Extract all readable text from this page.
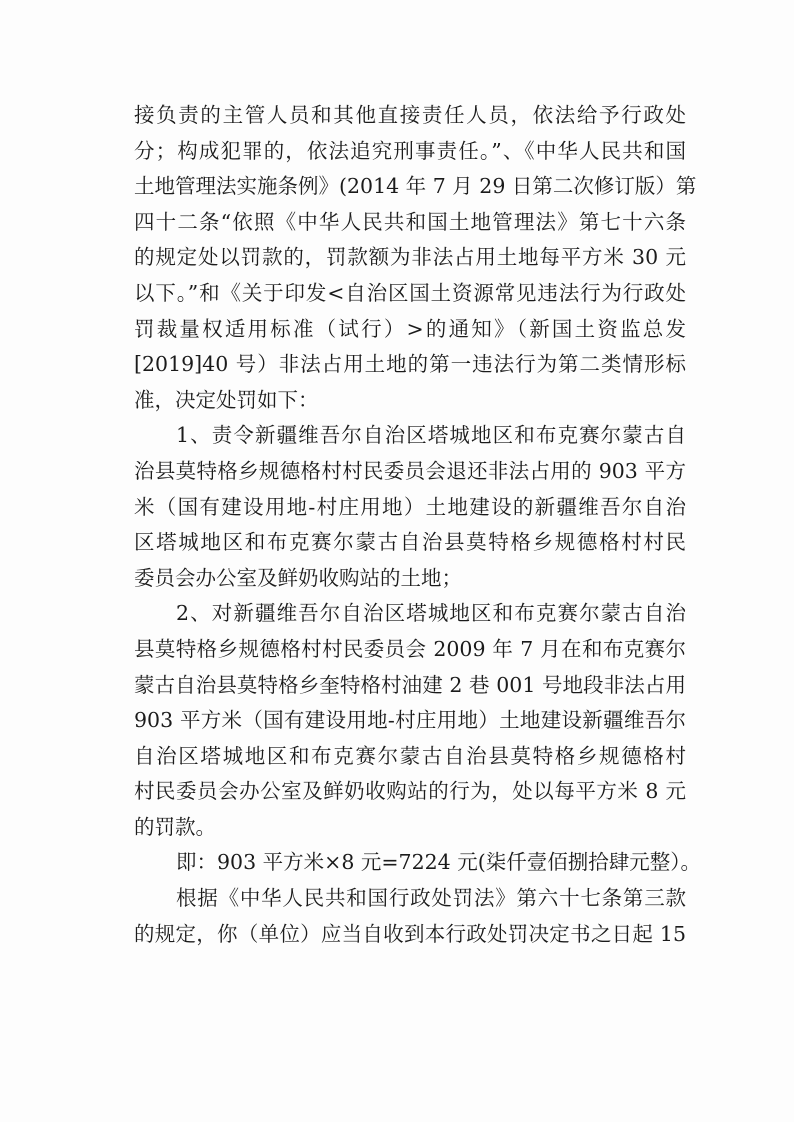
接负责的主管人员和其他直接责任人员，依法给予行政处
分；构成犯罪的，依法追究刑事责任。”、《中华人民共和国
土地管理法实施条例》(2014 年 7 月 29 日第二次修订版）第
四十二条“依照《中华人民共和国土地管理法》第七十六条
的规定处以罚款的，罚款额为非法占用土地每平方米 30 元
以下。”和《关于印发<自治区国土资源常见违法行为行政处
罚裁量权适用标准（试行）>的通知》（新国土资监总发
[2019]40 号）非法占用土地的第一违法行为第二类情形标
准，决定处罚如下：
1、责令新疆维吾尔自治区塔城地区和布克赛尔蒙古自
治县莫特格乡规德格村村民委员会退还非法占用的 903 平方
米（国有建设用地-村庄用地）土地建设的新疆维吾尔自治
区塔城地区和布克赛尔蒙古自治县莫特格乡规德格村村民
委员会办公室及鲜奶收购站的土地；
2、对新疆维吾尔自治区塔城地区和布克赛尔蒙古自治
县莫特格乡规德格村村民委员会 2009 年 7 月在和布克赛尔
蒙古自治县莫特格乡奎特格村油建 2 巷 001 号地段非法占用
903 平方米（国有建设用地-村庄用地）土地建设新疆维吾尔
自治区塔城地区和布克赛尔蒙古自治县莫特格乡规德格村
村民委员会办公室及鲜奶收购站的行为，处以每平方米 8 元
的罚款。
即：903 平方米×8 元=7224 元(柒仟壹佰捌拾肆元整）。
根据《中华人民共和国行政处罚法》第六十七条第三款
的规定，你（单位）应当自收到本行政处罚决定书之日起 15
